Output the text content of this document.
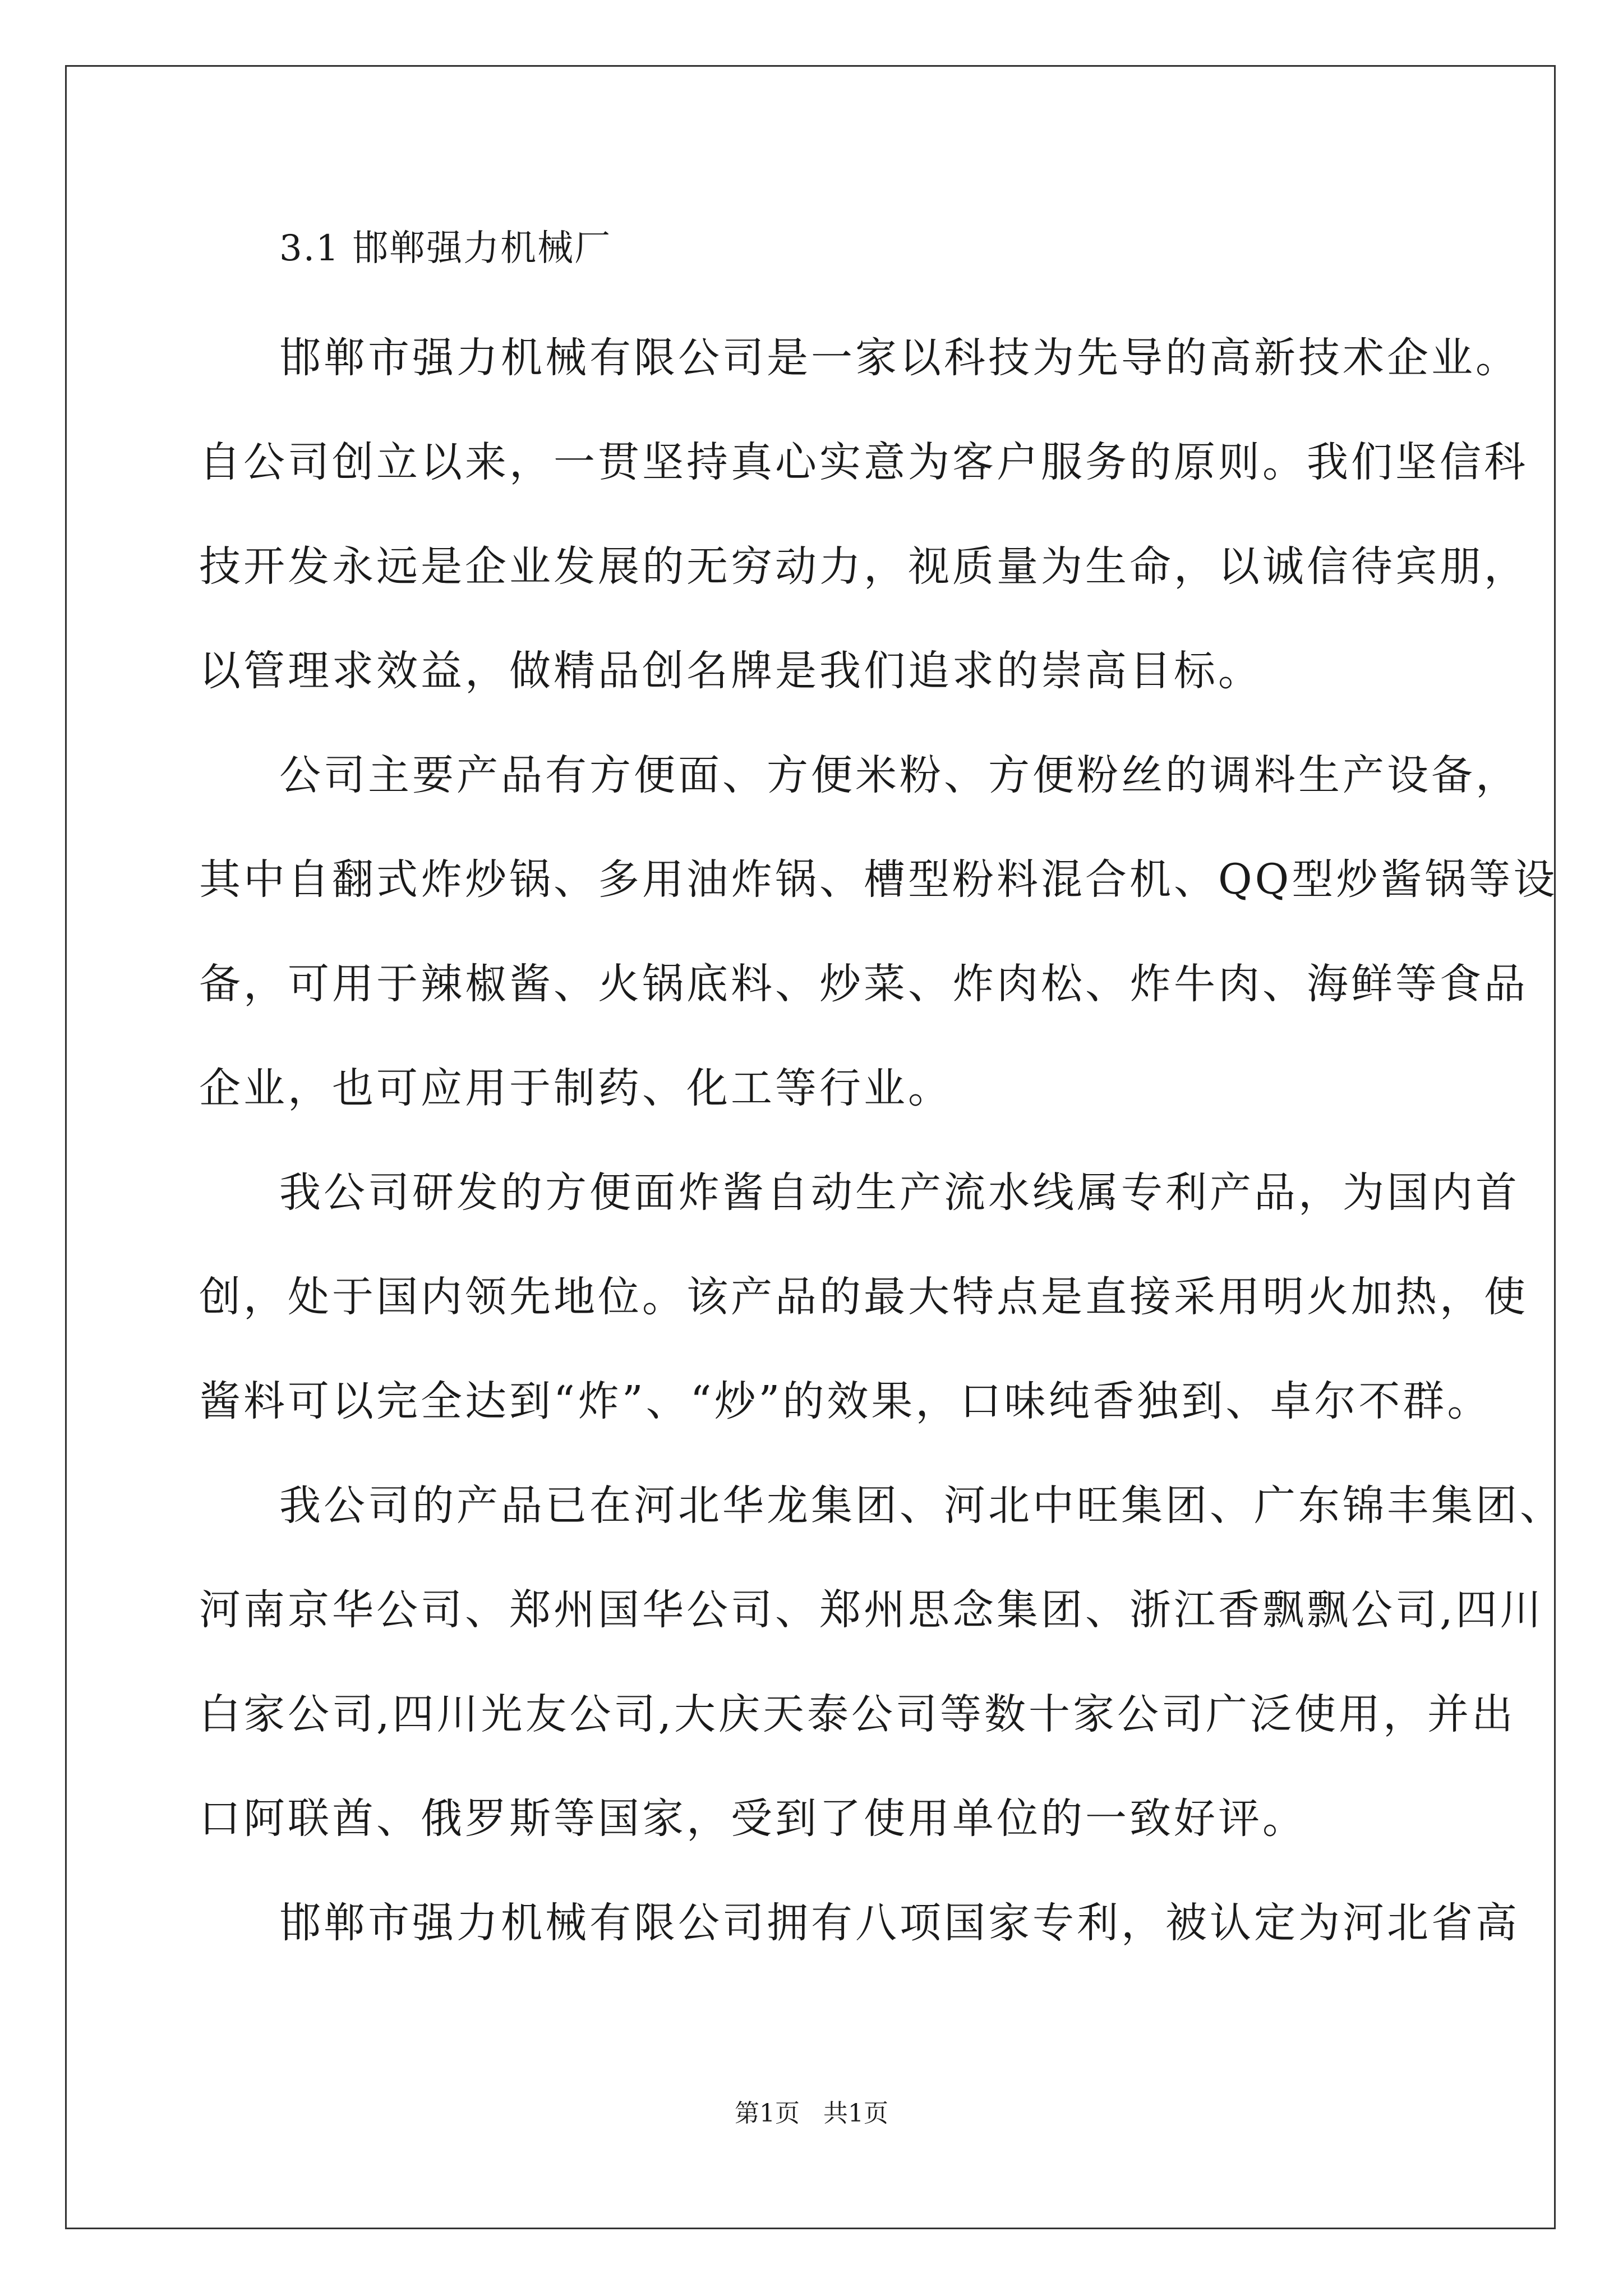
3.1 邯郸强力机械厂
邯郸市强力机械有限公司是一家以科技为先导的高新技术企业。
自公司创立以来，一贯坚持真心实意为客户服务的原则。我们坚信科
技开发永远是企业发展的无穷动力，视质量为生命，以诚信待宾朋，
以管理求效益，做精品创名牌是我们追求的崇高目标。
公司主要产品有方便面、方便米粉、方便粉丝的调料生产设备，
其中自翻式炸炒锅、多用油炸锅、槽型粉料混合机、QQ型炒酱锅等设
备，可用于辣椒酱、火锅底料、炒菜、炸肉松、炸牛肉、海鲜等食品
企业，也可应用于制药、化工等行业。
我公司研发的方便面炸酱自动生产流水线属专利产品，为国内首
创，处于国内领先地位。该产品的最大特点是直接采用明火加热，使
酱料可以完全达到“炸”、“炒”的效果，口味纯香独到、卓尔不群。
我公司的产品已在河北华龙集团、河北中旺集团、广东锦丰集团、
河南京华公司、郑州国华公司、郑州思念集团、浙江香飘飘公司,四川
白家公司,四川光友公司,大庆天泰公司等数十家公司广泛使用，并出
口阿联酋、俄罗斯等国家，受到了使用单位的一致好评。
邯郸市强力机械有限公司拥有八项国家专利，被认定为河北省高
第1页   共1页
